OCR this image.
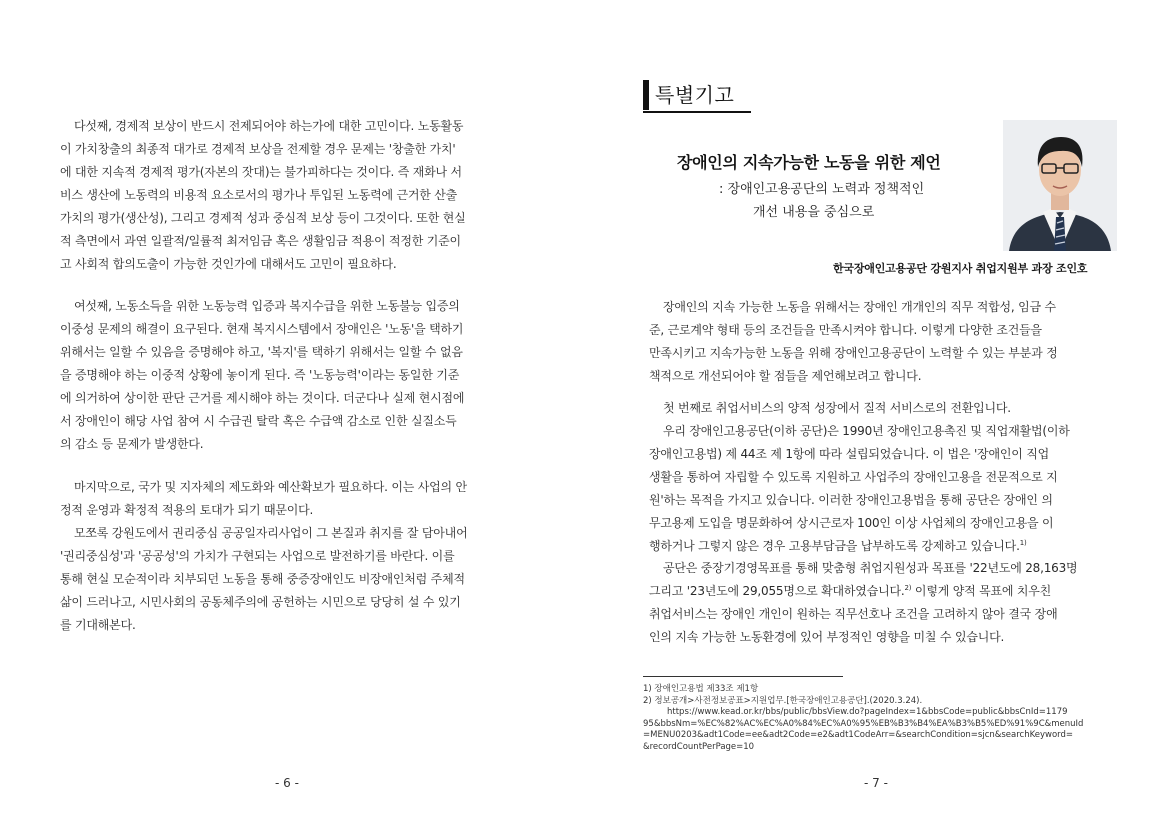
다섯째, 경제적 보상이 반드시 전제되어야 하는가에 대한 고민이다. 노동활동
이 가치창출의 최종적 대가로 경제적 보상을 전제할 경우 문제는 '창출한 가치'
에 대한 지속적 경제적 평가(자본의 잣대)는 불가피하다는 것이다. 즉 재화나 서
비스 생산에 노동력의 비용적 요소로서의 평가나 투입된 노동력에 근거한 산출
가치의 평가(생산성), 그리고 경제적 성과 중심적 보상 등이 그것이다. 또한 현실
적 측면에서 과연 일괄적/일률적 최저임금 혹은 생활임금 적용이 적정한 기준이
고 사회적 합의도출이 가능한 것인가에 대해서도 고민이 필요하다.
여섯째, 노동소득을 위한 노동능력 입증과 복지수급을 위한 노동불능 입증의
이중성 문제의 해결이 요구된다. 현재 복지시스템에서 장애인은 '노동'을 택하기
위해서는 일할 수 있음을 증명해야 하고, '복지'를 택하기 위해서는 일할 수 없음
을 증명해야 하는 이중적 상황에 놓이게 된다. 즉 '노동능력'이라는 동일한 기준
에 의거하여 상이한 판단 근거를 제시해야 하는 것이다. 더군다나 실제 현시점에
서 장애인이 해당 사업 참여 시 수급권 탈락 혹은 수급액 감소로 인한 실질소득
의 감소 등 문제가 발생한다.
마지막으로, 국가 및 지자체의 제도화와 예산확보가 필요하다. 이는 사업의 안
정적 운영과 확정적 적용의 토대가 되기 때문이다.
모쪼록 강원도에서 권리중심 공공일자리사업이 그 본질과 취지를 잘 담아내어
'권리중심성'과 '공공성'의 가치가 구현되는 사업으로 발전하기를 바란다. 이를
통해 현실 모순적이라 치부되던 노동을 통해 중증장애인도 비장애인처럼 주체적
삶이 드러나고, 시민사회의 공동체주의에 공헌하는 시민으로 당당히 설 수 있기
를 기대해본다.
- 6 -
특별기고
장애인의 지속가능한 노동을 위한 제언
: 장애인고용공단의 노력과 정책적인
개선 내용을 중심으로
한국장애인고용공단 강원지사 취업지원부 과장 조인호
장애인의 지속 가능한 노동을 위해서는 장애인 개개인의 직무 적합성, 임금 수
준, 근로계약 형태 등의 조건들을 만족시켜야 합니다. 이렇게 다양한 조건들을
만족시키고 지속가능한 노동을 위해 장애인고용공단이 노력할 수 있는 부분과 정
책적으로 개선되어야 할 점들을 제언해보려고 합니다.
첫 번째로 취업서비스의 양적 성장에서 질적 서비스로의 전환입니다.
우리 장애인고용공단(이하 공단)은 1990년 장애인고용촉진 및 직업재활법(이하
장애인고용법) 제 44조 제 1항에 따라 설립되었습니다. 이 법은 '장애인이 직업
생활을 통하여 자립할 수 있도록 지원하고 사업주의 장애인고용을 전문적으로 지
원'하는 목적을 가지고 있습니다. 이러한 장애인고용법을 통해 공단은 장애인 의
무고용제 도입을 명문화하여 상시근로자 100인 이상 사업체의 장애인고용을 이
행하거나 그렇지 않은 경우 고용부담금을 납부하도록 강제하고 있습니다.$^{1)}$
공단은 중장기경영목표를 통해 맞춤형 취업지원성과 목표를 '22년도에 28,163명
그리고 '23년도에 29,055명으로 확대하였습니다.$^{2)}$ 이렇게 양적 목표에 치우친
취업서비스는 장애인 개인이 원하는 직무선호나 조건을 고려하지 않아 결국 장애
인의 지속 가능한 노동환경에 있어 부정적인 영향을 미칠 수 있습니다.
1) 장애인고용법 제33조 제1항
2) 정보공개>사전정보공표>지원업무.[한국장애인고용공단].(2020.3.24).
https://www.kead.or.kr/bbs/public/bbsView.do?pageIndex=1&bbsCode=public&bbsCnId=1179
95&bbsNm=%EC%82%AC%EC%A0%84%EC%A0%95%EB%B3%B4%EA%B3%B5%ED%91%9C&menuId
=MENU0203&adt1Code=ee&adt2Code=e2&adt1CodeArr=&searchCondition=sjcn&searchKeyword=
&recordCountPerPage=10
- 7 -
